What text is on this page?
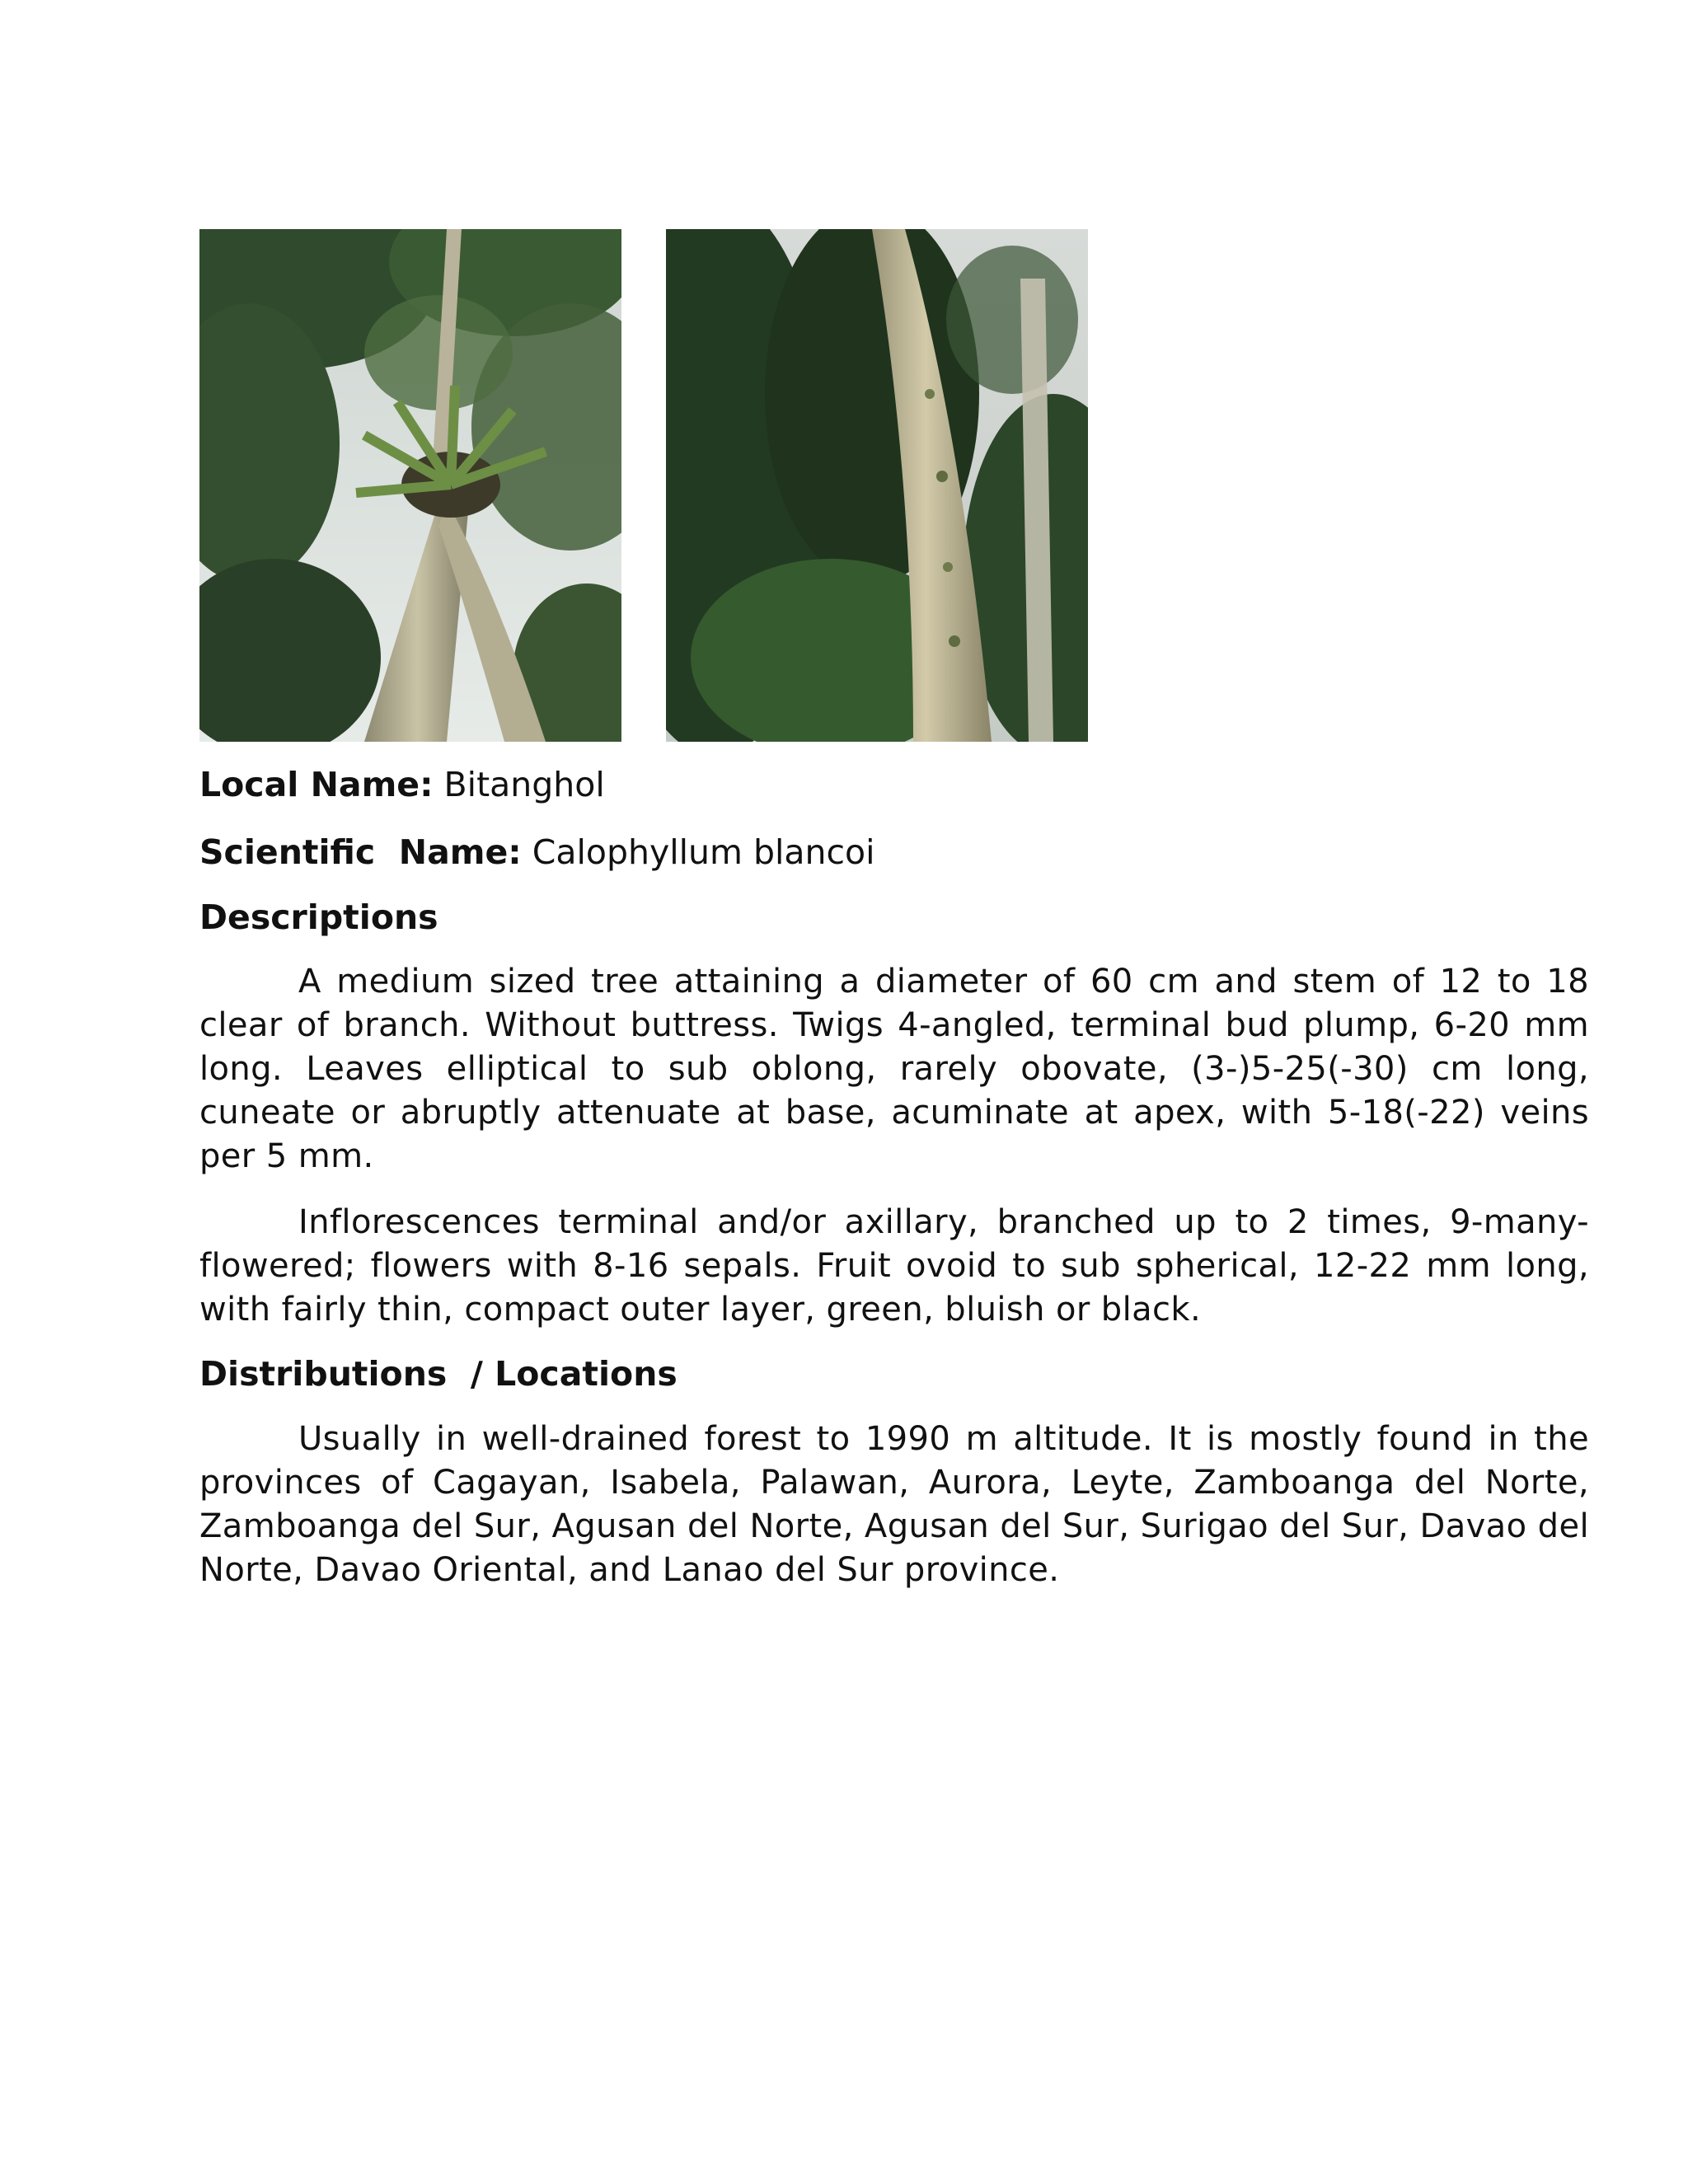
Local Name: Bitanghol
Scientific  Name: Calophyllum blancoi
Descriptions

A medium sized tree attaining a diameter of 60 cm and stem of 12 to 18 clear of branch. Without buttress. Twigs 4-angled, terminal bud plump, 6-20 mm long. Leaves elliptical to sub oblong, rarely obovate, (3-)5-25(-30) cm long, cuneate or abruptly attenuate at base, acuminate at apex, with 5-18(-22) veins per 5 mm.

Inflorescences terminal and/or axillary, branched up to 2 times, 9-many-flowered; flowers with 8-16 sepals. Fruit ovoid to sub spherical, 12-22 mm long, with fairly thin, compact outer layer, green, bluish or black.

Distributions  / Locations

Usually in well-drained forest to 1990 m altitude. It is mostly found in the provinces of Cagayan, Isabela, Palawan, Aurora, Leyte, Zamboanga del Norte, Zamboanga del Sur, Agusan del Norte, Agusan del Sur, Surigao del Sur, Davao del Norte, Davao Oriental, and Lanao del Sur province.
